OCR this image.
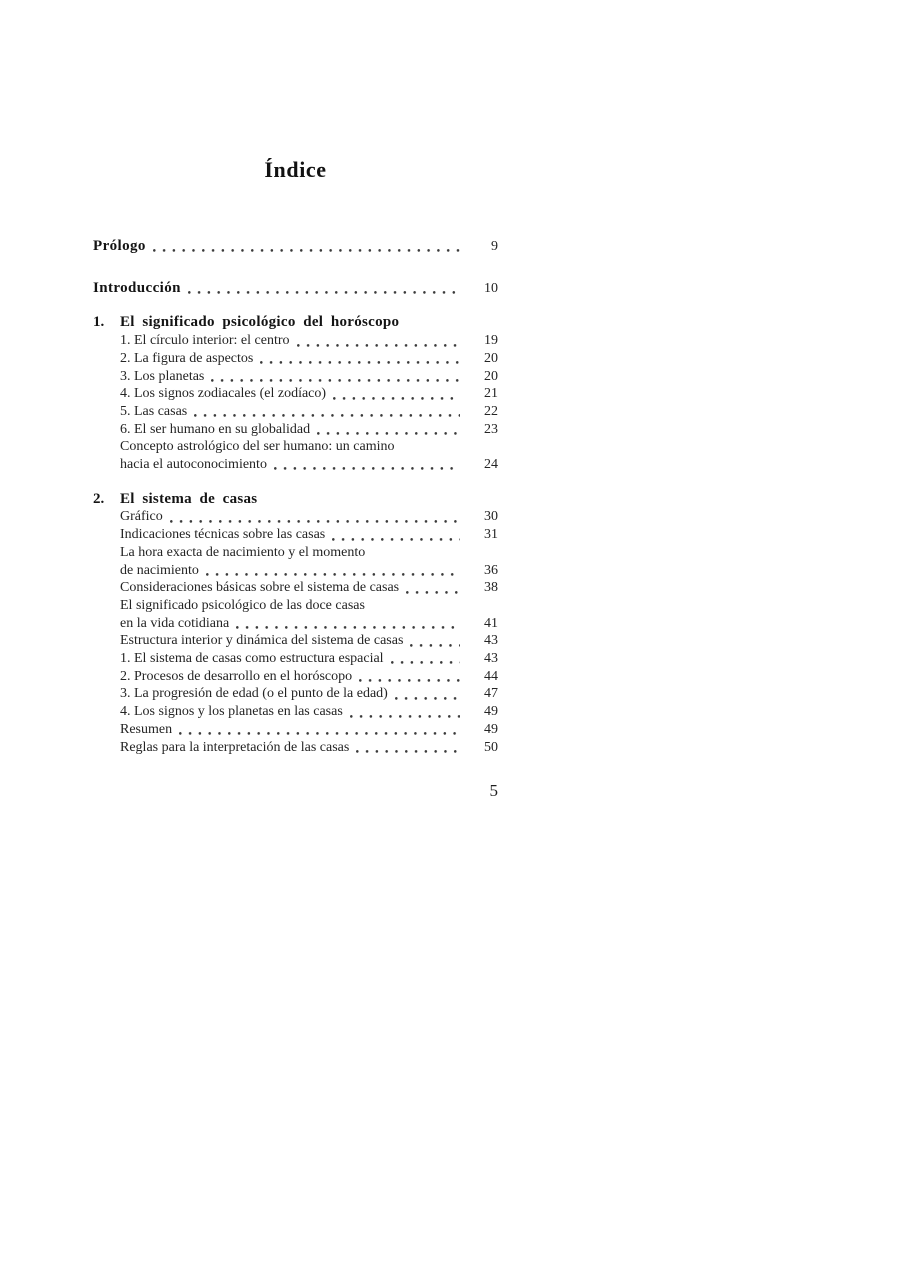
Índice
Prólogo	9
Introducción	10
1.	El significado psicológico del horóscopo
1. El círculo interior: el centro	19
2. La figura de aspectos	20
3. Los planetas	20
4. Los signos zodiacales (el zodíaco)	21
5. Las casas	22
6. El ser humano en su globalidad	23
Concepto astrológico del ser humano: un camino
hacia el autoconocimiento	24
2.	El sistema de casas
Gráfico	30
Indicaciones técnicas sobre las casas	31
La hora exacta de nacimiento y el momento
de nacimiento	36
Consideraciones básicas sobre el sistema de casas	38
El significado psicológico de las doce casas
en la vida cotidiana	41
Estructura interior y dinámica del sistema de casas	43
1. El sistema de casas como estructura espacial	43
2. Procesos de desarrollo en el horóscopo	44
3. La progresión de edad (o el punto de la edad)	47
4. Los signos y los planetas en las casas	49
Resumen	49
Reglas para la interpretación de las casas	50
5
